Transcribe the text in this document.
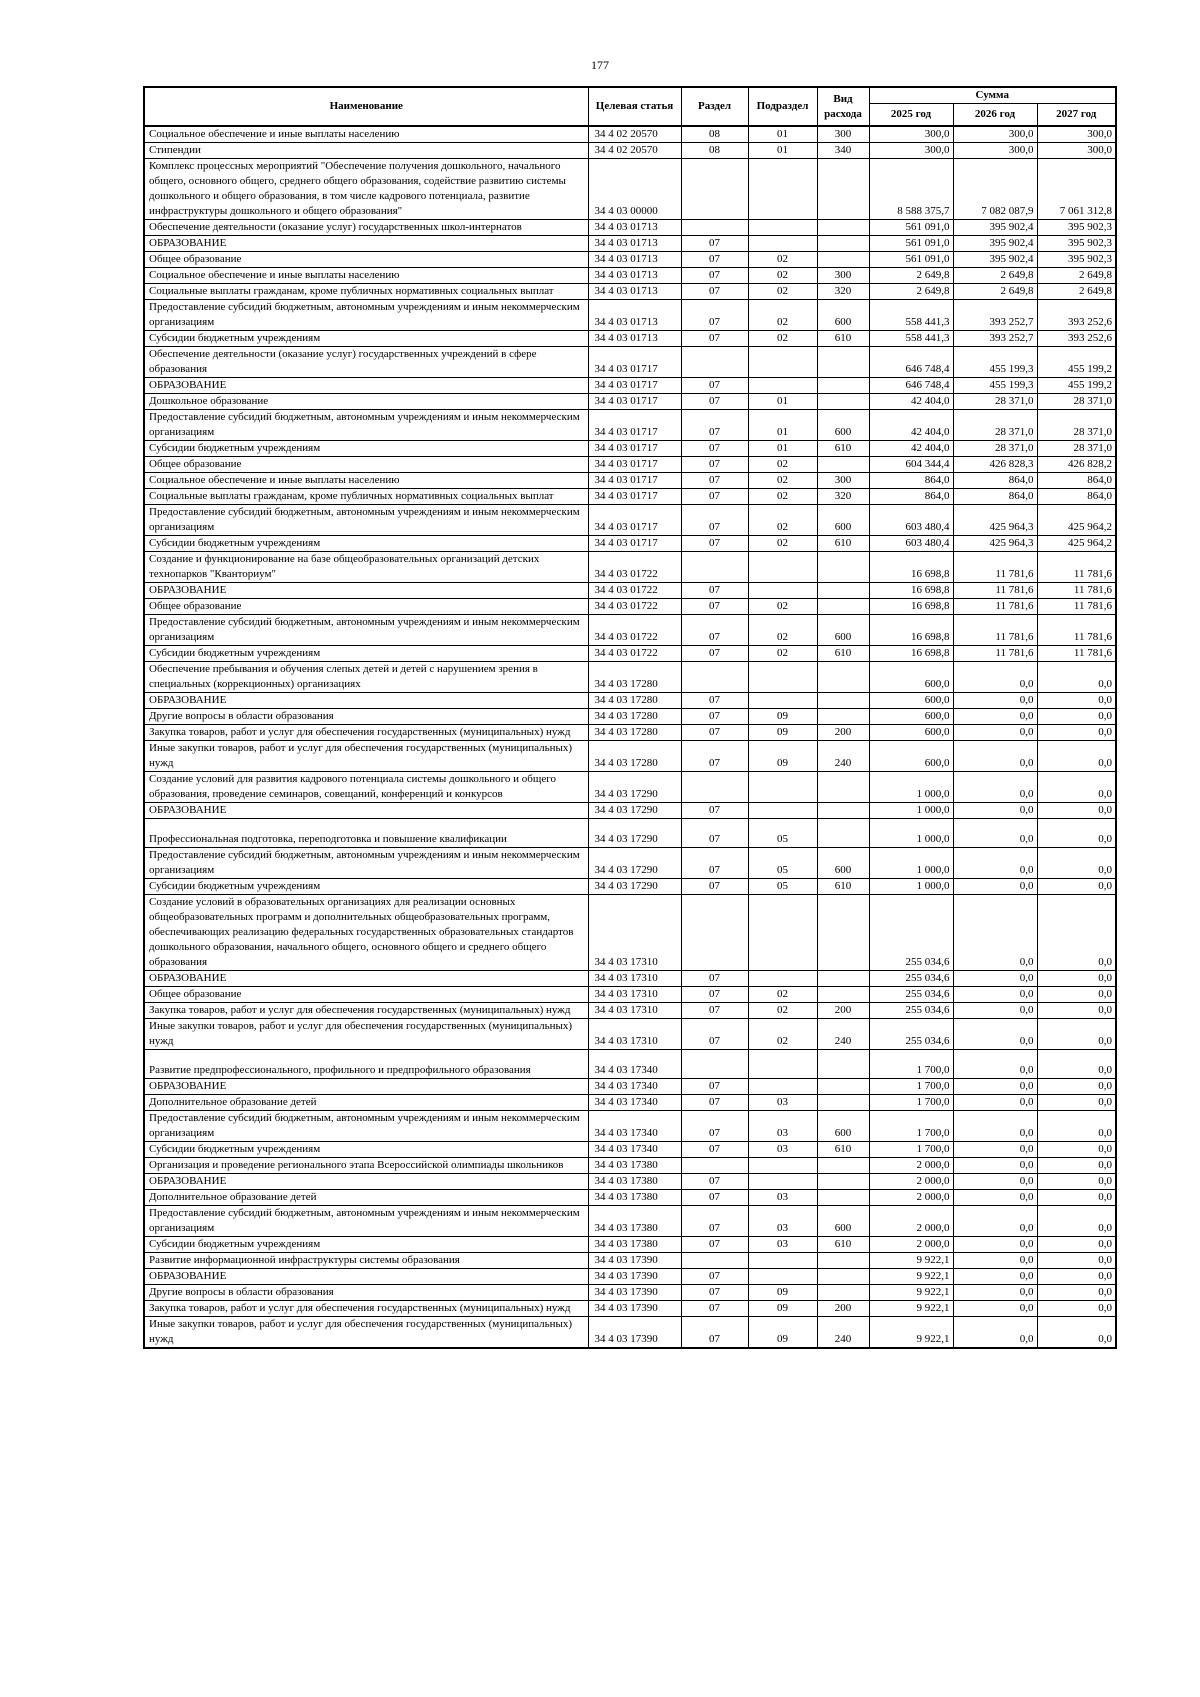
177
Наименование	Целевая статья	Раздел	Подраздел	Вид расхода	Сумма		
					2025 год	2026 год	2027 год
Социальное обеспечение и иные выплаты населению	34 4 02 20570	08	01	300	300,0	300,0	300,0
Стипендии	34 4 02 20570	08	01	340	300,0	300,0	300,0
Комплекс процессных мероприятий "Обеспечение получения дошкольного, начального общего, основного общего, среднего общего образования, содействие развитию системы дошкольного и общего образования, в том числе кадрового потенциала, развитие инфраструктуры дошкольного и общего образования"	34 4 03 00000				8 588 375,7	7 082 087,9	7 061 312,8
Обеспечение деятельности (оказание услуг) государственных школ-интернатов	34 4 03 01713				561 091,0	395 902,4	395 902,3
ОБРАЗОВАНИЕ	34 4 03 01713	07			561 091,0	395 902,4	395 902,3
Общее образование	34 4 03 01713	07	02		561 091,0	395 902,4	395 902,3
Социальное обеспечение и иные выплаты населению	34 4 03 01713	07	02	300	2 649,8	2 649,8	2 649,8
Социальные выплаты гражданам, кроме публичных нормативных социальных выплат	34 4 03 01713	07	02	320	2 649,8	2 649,8	2 649,8
Предоставление субсидий бюджетным, автономным учреждениям и иным некоммерческим организациям	34 4 03 01713	07	02	600	558 441,3	393 252,7	393 252,6
Субсидии бюджетным учреждениям	34 4 03 01713	07	02	610	558 441,3	393 252,7	393 252,6
Обеспечение деятельности (оказание услуг) государственных учреждений в сфере образования	34 4 03 01717				646 748,4	455 199,3	455 199,2
ОБРАЗОВАНИЕ	34 4 03 01717	07			646 748,4	455 199,3	455 199,2
Дошкольное образование	34 4 03 01717	07	01		42 404,0	28 371,0	28 371,0
Предоставление субсидий бюджетным, автономным учреждениям и иным некоммерческим организациям	34 4 03 01717	07	01	600	42 404,0	28 371,0	28 371,0
Субсидии бюджетным учреждениям	34 4 03 01717	07	01	610	42 404,0	28 371,0	28 371,0
Общее образование	34 4 03 01717	07	02		604 344,4	426 828,3	426 828,2
Социальное обеспечение и иные выплаты населению	34 4 03 01717	07	02	300	864,0	864,0	864,0
Социальные выплаты гражданам, кроме публичных нормативных социальных выплат	34 4 03 01717	07	02	320	864,0	864,0	864,0
Предоставление субсидий бюджетным, автономным учреждениям и иным некоммерческим организациям	34 4 03 01717	07	02	600	603 480,4	425 964,3	425 964,2
Субсидии бюджетным учреждениям	34 4 03 01717	07	02	610	603 480,4	425 964,3	425 964,2
Создание и функционирование на базе общеобразовательных организаций детских технопарков "Кванториум"	34 4 03 01722				16 698,8	11 781,6	11 781,6
ОБРАЗОВАНИЕ	34 4 03 01722	07			16 698,8	11 781,6	11 781,6
Общее образование	34 4 03 01722	07	02		16 698,8	11 781,6	11 781,6
Предоставление субсидий бюджетным, автономным учреждениям и иным некоммерческим организациям	34 4 03 01722	07	02	600	16 698,8	11 781,6	11 781,6
Субсидии бюджетным учреждениям	34 4 03 01722	07	02	610	16 698,8	11 781,6	11 781,6
Обеспечение пребывания и обучения слепых детей и детей с нарушением зрения в специальных (коррекционных) организациях	34 4 03 17280				600,0	0,0	0,0
ОБРАЗОВАНИЕ	34 4 03 17280	07			600,0	0,0	0,0
Другие вопросы в области образования	34 4 03 17280	07	09		600,0	0,0	0,0
Закупка товаров, работ и услуг для обеспечения государственных (муниципальных) нужд	34 4 03 17280	07	09	200	600,0	0,0	0,0
Иные закупки товаров, работ и услуг для обеспечения государственных (муниципальных) нужд	34 4 03 17280	07	09	240	600,0	0,0	0,0
Создание условий для развития кадрового потенциала системы дошкольного и общего образования, проведение семинаров, совещаний, конференций и конкурсов	34 4 03 17290				1 000,0	0,0	0,0
ОБРАЗОВАНИЕ	34 4 03 17290	07			1 000,0	0,0	0,0
Профессиональная подготовка, переподготовка и повышение квалификации	34 4 03 17290	07	05		1 000,0	0,0	0,0
Предоставление субсидий бюджетным, автономным учреждениям и иным некоммерческим организациям	34 4 03 17290	07	05	600	1 000,0	0,0	0,0
Субсидии бюджетным учреждениям	34 4 03 17290	07	05	610	1 000,0	0,0	0,0
Создание условий в образовательных организациях для реализации основных общеобразовательных программ и дополнительных общеобразовательных программ, обеспечивающих реализацию федеральных государственных образовательных стандартов дошкольного образования, начального общего, основного общего и среднего общего образования	34 4 03 17310				255 034,6	0,0	0,0
ОБРАЗОВАНИЕ	34 4 03 17310	07			255 034,6	0,0	0,0
Общее образование	34 4 03 17310	07	02		255 034,6	0,0	0,0
Закупка товаров, работ и услуг для обеспечения государственных (муниципальных) нужд	34 4 03 17310	07	02	200	255 034,6	0,0	0,0
Иные закупки товаров, работ и услуг для обеспечения государственных (муниципальных) нужд	34 4 03 17310	07	02	240	255 034,6	0,0	0,0
Развитие предпрофессионального, профильного и предпрофильного образования	34 4 03 17340				1 700,0	0,0	0,0
ОБРАЗОВАНИЕ	34 4 03 17340	07			1 700,0	0,0	0,0
Дополнительное образование детей	34 4 03 17340	07	03		1 700,0	0,0	0,0
Предоставление субсидий бюджетным, автономным учреждениям и иным некоммерческим организациям	34 4 03 17340	07	03	600	1 700,0	0,0	0,0
Субсидии бюджетным учреждениям	34 4 03 17340	07	03	610	1 700,0	0,0	0,0
Организация и проведение регионального этапа Всероссийской олимпиады школьников	34 4 03 17380				2 000,0	0,0	0,0
ОБРАЗОВАНИЕ	34 4 03 17380	07			2 000,0	0,0	0,0
Дополнительное образование детей	34 4 03 17380	07	03		2 000,0	0,0	0,0
Предоставление субсидий бюджетным, автономным учреждениям и иным некоммерческим организациям	34 4 03 17380	07	03	600	2 000,0	0,0	0,0
Субсидии бюджетным учреждениям	34 4 03 17380	07	03	610	2 000,0	0,0	0,0
Развитие информационной инфраструктуры системы образования	34 4 03 17390				9 922,1	0,0	0,0
ОБРАЗОВАНИЕ	34 4 03 17390	07			9 922,1	0,0	0,0
Другие вопросы в области образования	34 4 03 17390	07	09		9 922,1	0,0	0,0
Закупка товаров, работ и услуг для обеспечения государственных (муниципальных) нужд	34 4 03 17390	07	09	200	9 922,1	0,0	0,0
Иные закупки товаров, работ и услуг для обеспечения государственных (муниципальных) нужд	34 4 03 17390	07	09	240	9 922,1	0,0	0,0
